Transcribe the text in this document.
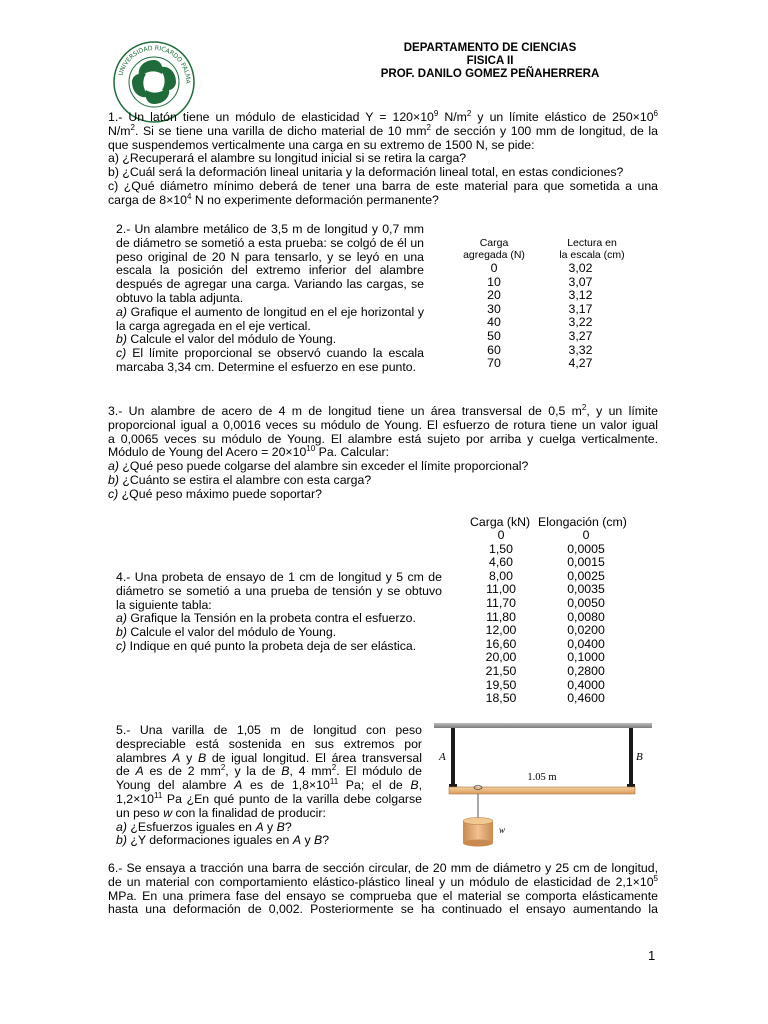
UNIVERSIDAD RICARDO PALMA
DEPARTAMENTO DE CIENCIAS
FISICA II
PROF. DANILO GOMEZ PEÑAHERRERA
1.- Un latón tiene un módulo de elasticidad $Y = 120\times 10^9$ $N/m^2$ y un límite elástico de $250\times 10^6$
$N/m^2$. Si se tiene una varilla de dicho material de 10 $mm^2$ de sección y 100 mm de longitud, de la
que suspendemos verticalmente una carga en su extremo de 1500 N, se pide:
a) ¿Recuperará el alambre su longitud inicial si se retira la carga?
b) ¿Cuál será la deformación lineal unitaria y la deformación lineal total, en estas condiciones?
c) ¿Qué diámetro mínimo deberá de tener una barra de este material para que sometida a una
carga de $8\times 10^4$ N no experimente deformación permanente?
2.- Un alambre metálico de 3,5 m de longitud y 0,7 mm de diámetro se sometió a esta prueba: se colgó de él un peso original de 20 N para tensarlo, y se leyó en una escala la posición del extremo inferior del alambre después de agregar una carga. Variando las cargas, se obtuvo la tabla adjunta.
a) Grafique el aumento de longitud en el eje horizontal y la carga agregada en el eje vertical.
b) Calcule el valor del módulo de Young.
c) El límite proporcional se observó cuando la escala marcaba 3,34 cm. Determine el esfuerzo en ese punto.
Carga
agregada (N)
Lectura en
la escala (cm)
0	3,02
10	3,07
20	3,12
30	3,17
40	3,22
50	3,27
60	3,32
70	4,27
3.- Un alambre de acero de 4 m de longitud tiene un área transversal de 0,5 $m^2$, y un límite
proporcional igual a 0,0016 veces su módulo de Young. El esfuerzo de rotura tiene un valor igual
a 0,0065 veces su módulo de Young. El alambre está sujeto por arriba y cuelga verticalmente.
Módulo de Young del Acero = $20\times 10^{10}$ Pa. Calcular:
a) ¿Qué peso puede colgarse del alambre sin exceder el límite proporcional?
b) ¿Cuánto se estira el alambre con esta carga?
c) ¿Qué peso máximo puede soportar?
Carga (kN) Elongación (cm)
0	0
1,50	0,0005
4,60	0,0015
8,00	0,0025
11,00	0,0035
11,70	0,0050
11,80	0,0080
12,00	0,0200
16,60	0,0400
20,00	0,1000
21,50	0,2800
19,50	0,4000
18,50	0,4600
4.- Una probeta de ensayo de 1 cm de longitud y 5 cm de
diámetro se sometió a una prueba de tensión y se obtuvo
la siguiente tabla:
a) Grafique la Tensión en la probeta contra el esfuerzo.
b) Calcule el valor del módulo de Young.
c) Indique en qué punto la probeta deja de ser elástica.
5.- Una varilla de 1,05 m de longitud con peso
despreciable está sostenida en sus extremos por
alambres A y B de igual longitud. El área transversal
de A es de 2 $mm^2$, y la de B, 4 $mm^2$. El módulo de
Young del alambre A es de $1,8\times 10^{11}$ Pa; el de B,
$1,2\times 10^{11}$ Pa ¿En qué punto de la varilla debe colgarse
un peso w con la finalidad de producir:
a) ¿Esfuerzos iguales en A y B?
b) ¿Y deformaciones iguales en A y B?
A	B
1.05 m
w
6.- Se ensaya a tracción una barra de sección circular, de 20 mm de diámetro y 25 cm de longitud,
de un material con comportamiento elástico-plástico lineal y un módulo de elasticidad de $2,1\times 10^5$
MPa. En una primera fase del ensayo se comprueba que el material se comporta elásticamente
hasta una deformación de 0,002. Posteriormente se ha continuado el ensayo aumentando la
1
